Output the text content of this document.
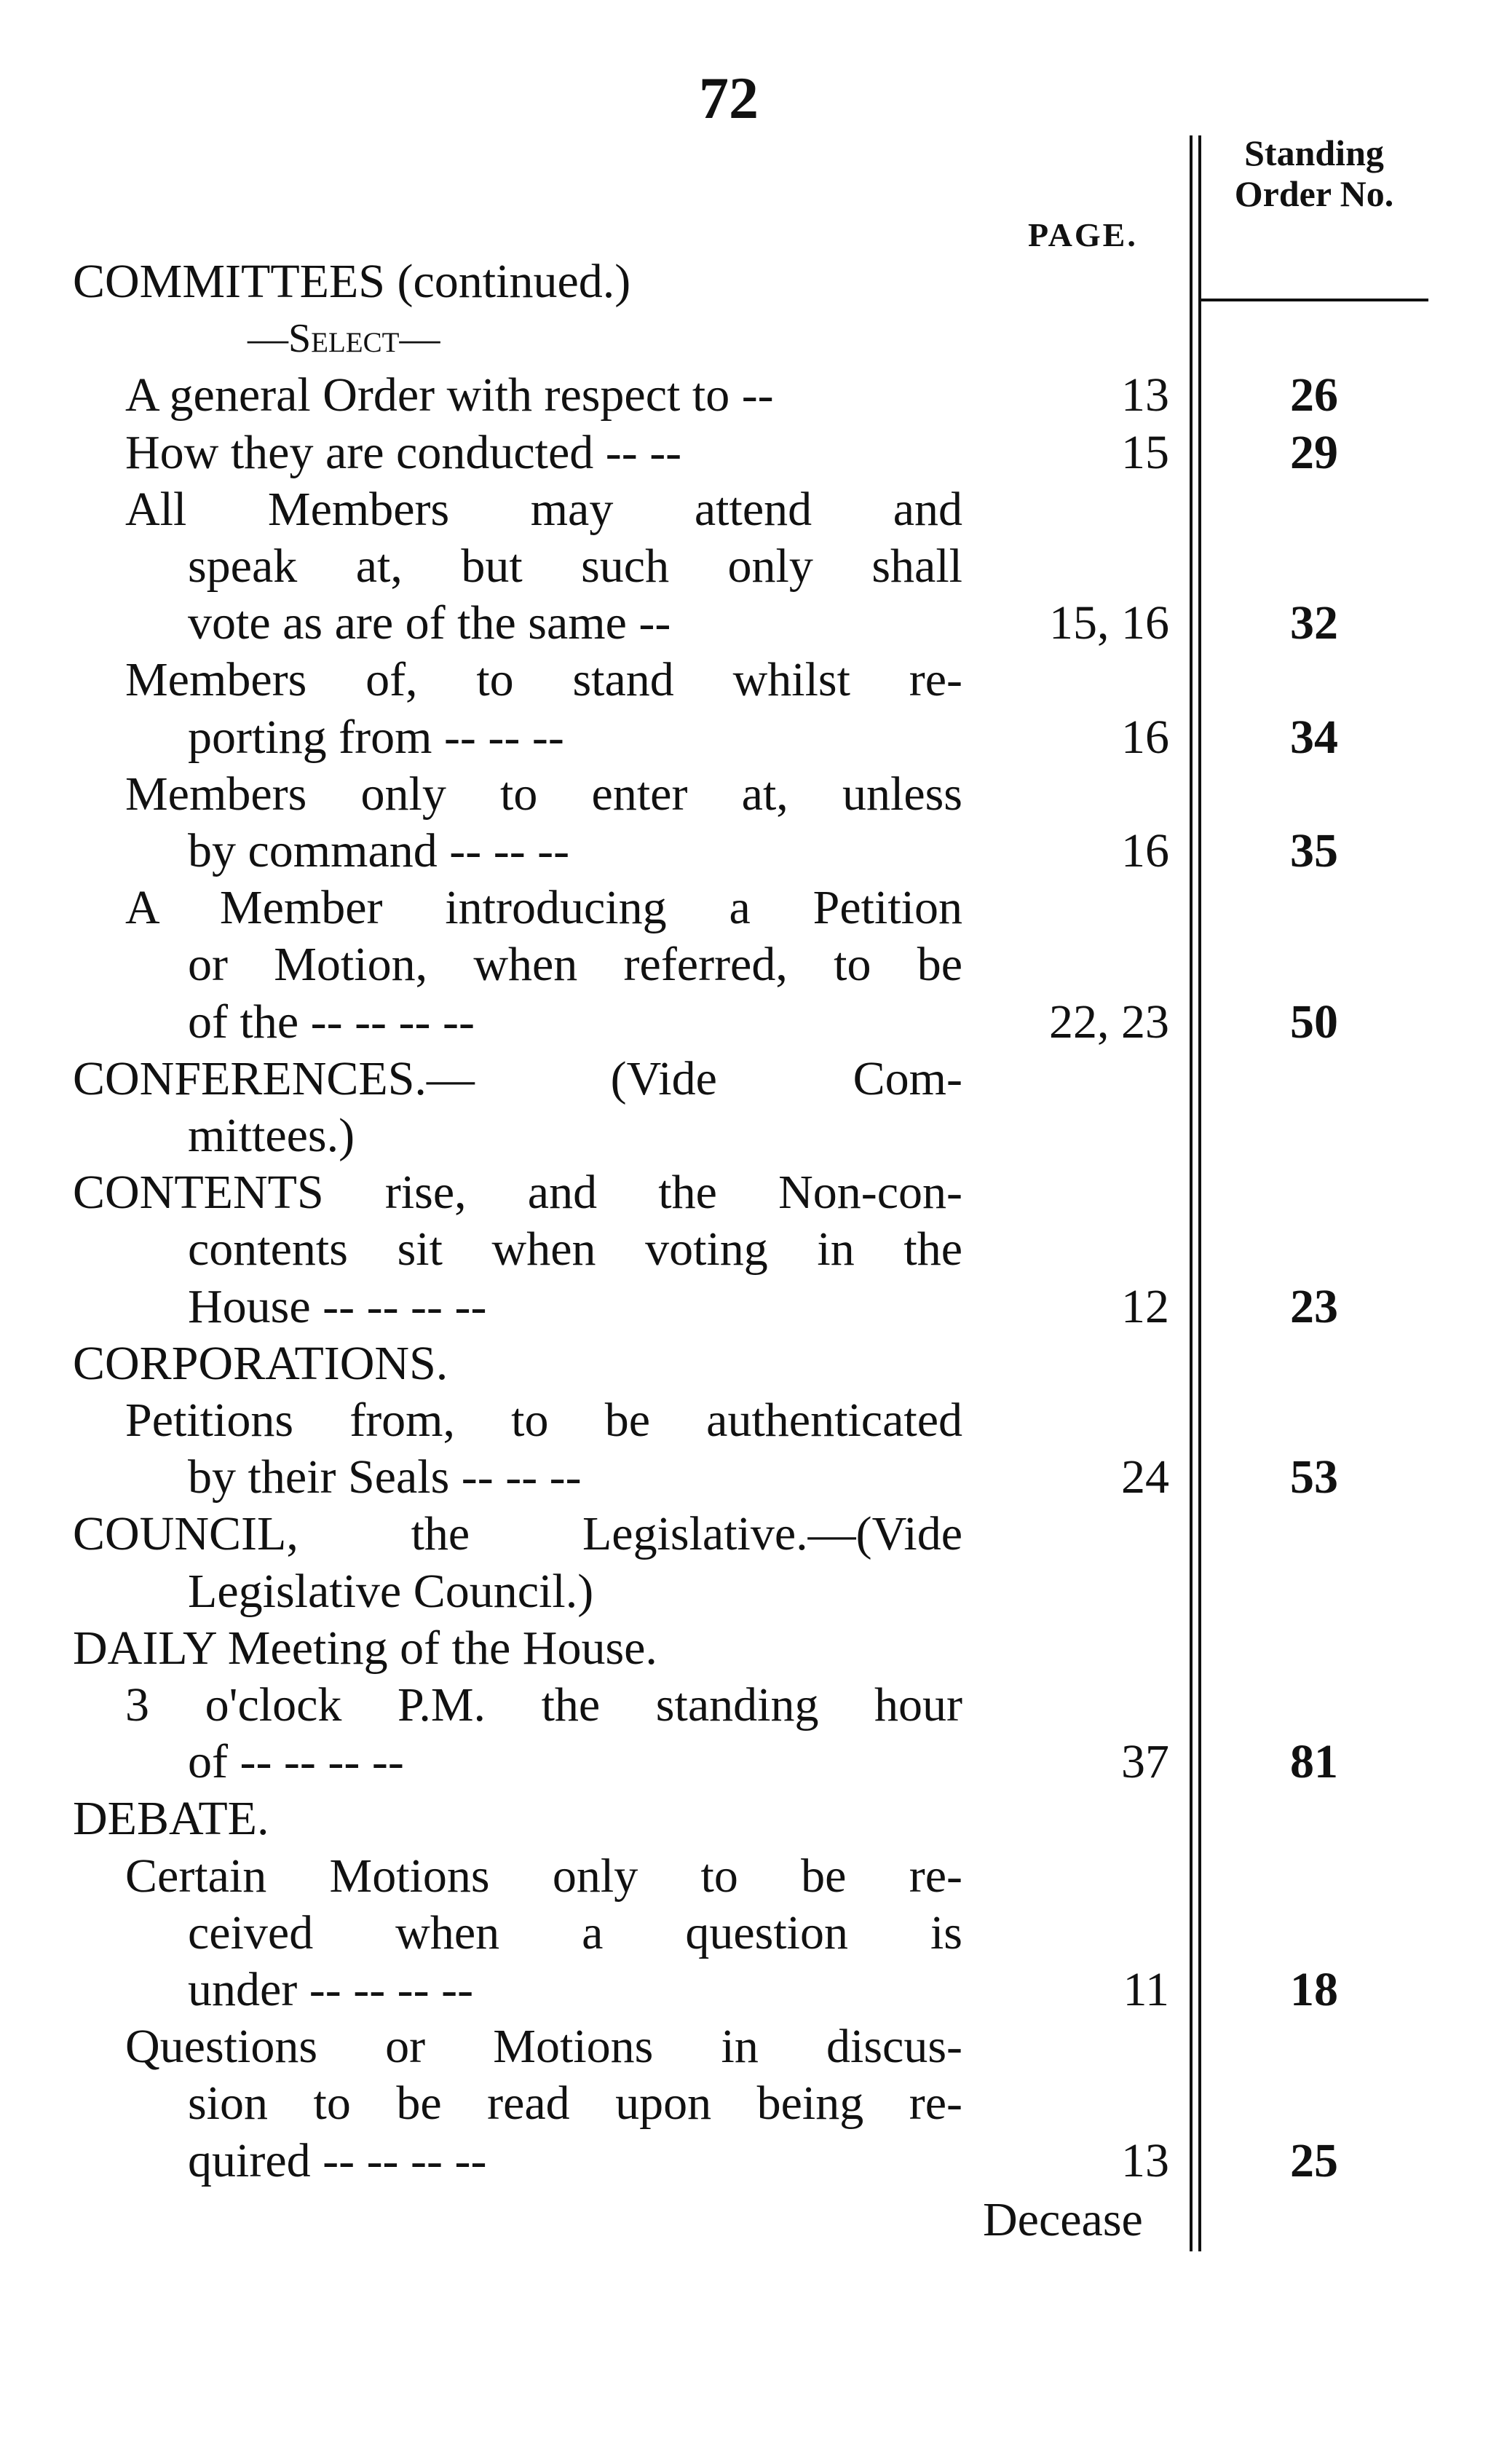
72
PAGE.
Standing Order No.
COMMITTEES (continued.)
—Select—
A general Order with respect to --	13	26
How they are conducted -- --	15	29
All Members may attend and
speak at, but such only shall
vote as are of the same --	15, 16	32
Members of, to stand whilst re-
porting from -- -- --	16	34
Members only to enter at, unless
by command -- -- --	16	35
A Member introducing a Petition
or Motion, when referred, to be
of the -- -- -- --	22, 23	50
CONFERENCES.— (Vide Com-
mittees.)
CONTENTS rise, and the Non-con-
contents sit when voting in the
House -- -- -- --	12	23
CORPORATIONS.
Petitions from, to be authenticated
by their Seals -- -- --	24	53
COUNCIL, the Legislative.—(Vide
Legislative Council.)
DAILY Meeting of the House.
3 o'clock P.M. the standing hour
of -- -- -- --	37	81
DEBATE.
Certain Motions only to be re-
ceived when a question is
under -- -- -- --	11	18
Questions or Motions in discus-
sion to be read upon being re-
quired -- -- -- --	13	25
Decease
